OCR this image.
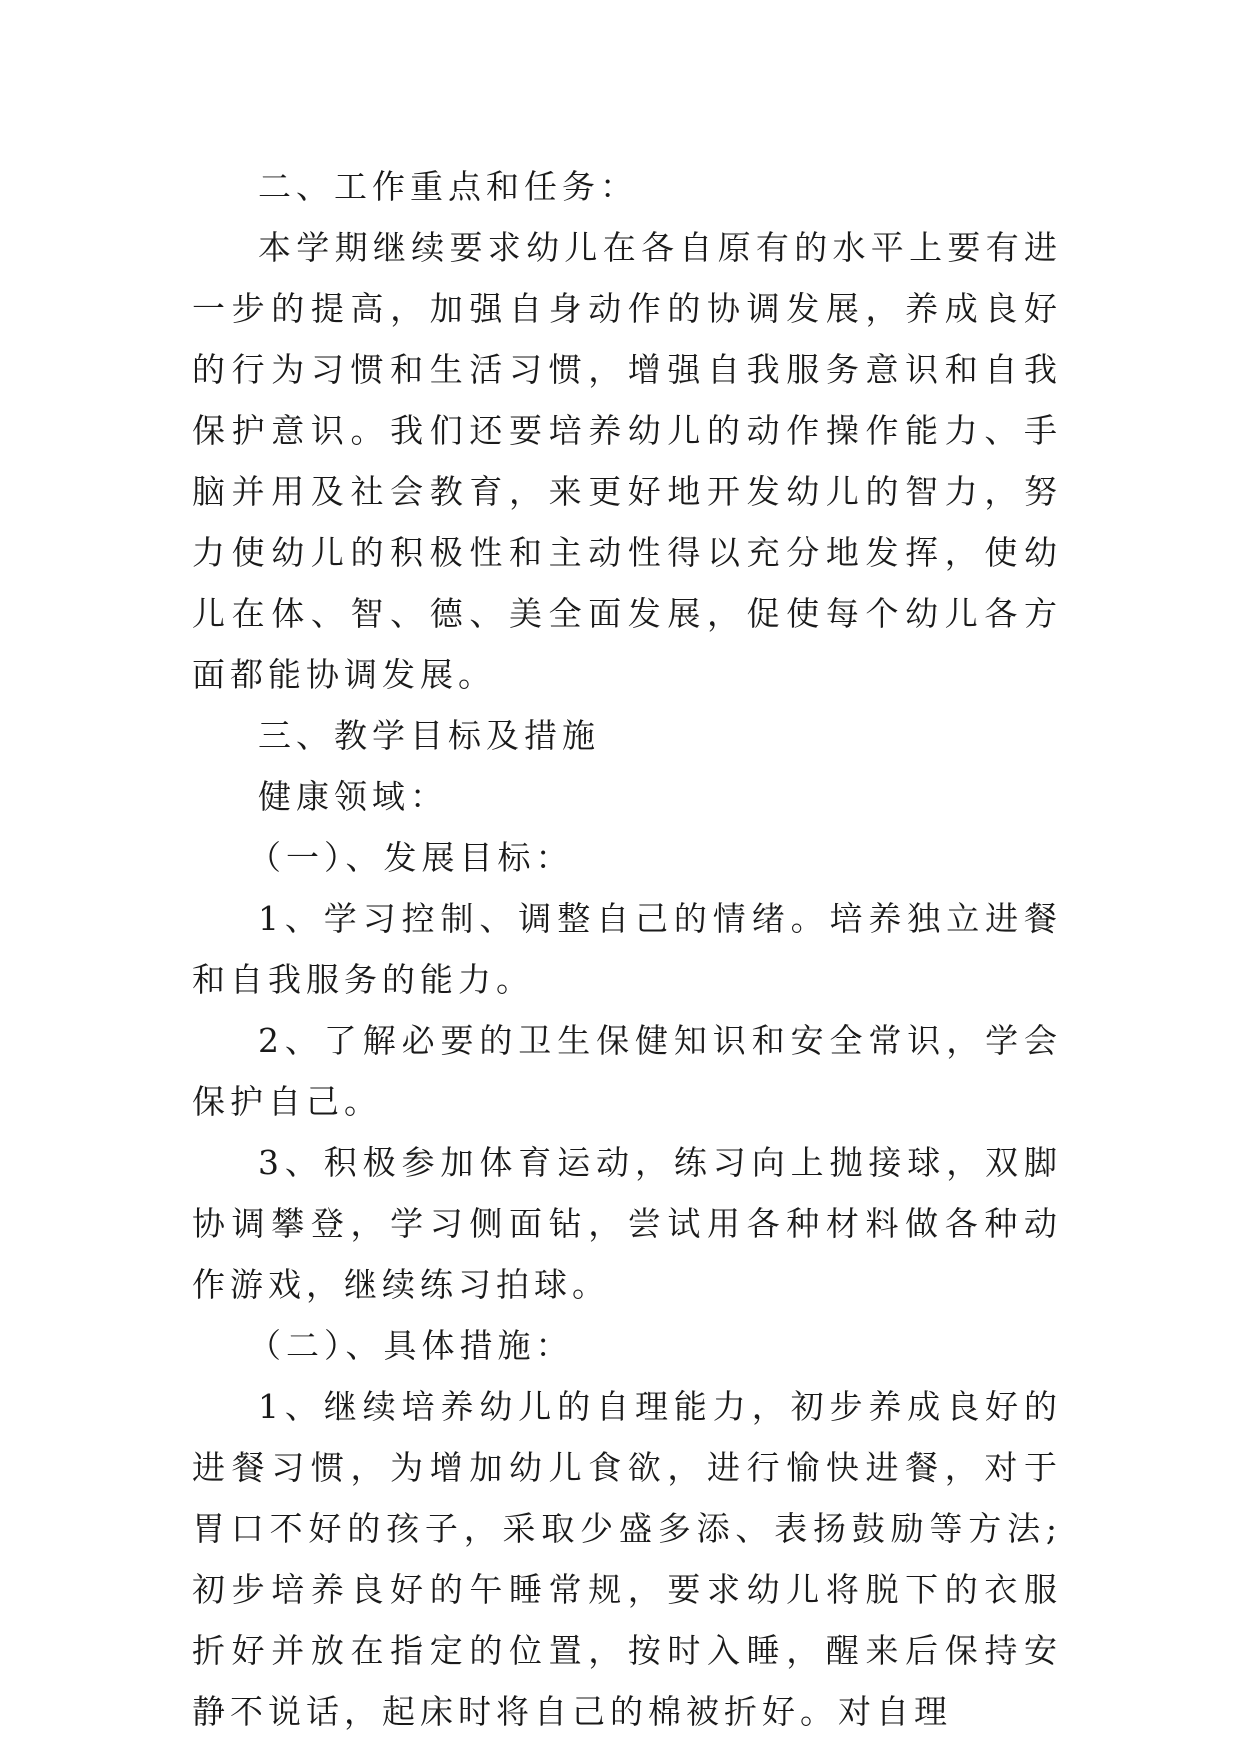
二、工作重点和任务：

本学期继续要求幼儿在各自原有的水平上要有进一步的提高，加强自身动作的协调发展，养成良好的行为习惯和生活习惯，增强自我服务意识和自我保护意识。我们还要培养幼儿的动作操作能力、手脑并用及社会教育，来更好地开发幼儿的智力，努力使幼儿的积极性和主动性得以充分地发挥，使幼儿在体、智、德、美全面发展，促使每个幼儿各方面都能协调发展。

三、教学目标及措施

健康领域：

（一）、发展目标：

1、学习控制、调整自己的情绪。培养独立进餐和自我服务的能力。

2、了解必要的卫生保健知识和安全常识，学会保护自己。

3、积极参加体育运动，练习向上抛接球，双脚协调攀登，学习侧面钻，尝试用各种材料做各种动作游戏，继续练习拍球。

（二）、具体措施：

1、继续培养幼儿的自理能力，初步养成良好的进餐习惯，为增加幼儿食欲，进行愉快进餐，对于胃口不好的孩子，采取少盛多添、表扬鼓励等方法;初步培养良好的午睡常规，要求幼儿将脱下的衣服折好并放在指定的位置，按时入睡，醒来后保持安静不说话，起床时将自己的棉被折好。对自理
